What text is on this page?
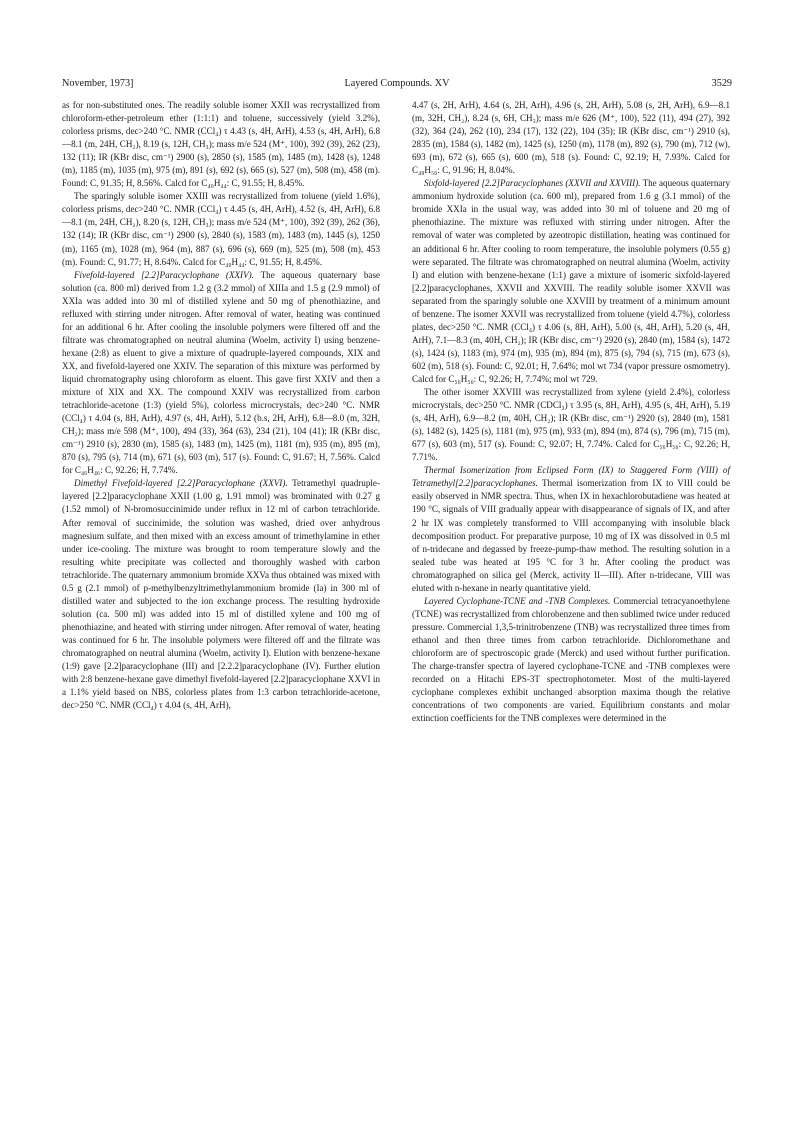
November, 1973]	Layered Compounds. XV	3529

as for non-substituted ones. The readily soluble isomer XXII was recrystallized from chloroform-ether-petroleum ether (1:1:1) and toluene, successively (yield 3.2%), colorless prisms, dec>240 °C. NMR (CCl₄) τ 4.43 (s, 4H, ArH), 4.53 (s, 4H, ArH), 6.8—8.1 (m, 24H, CH₂), 8.19 (s, 12H, CH₃); mass m/e 524 (M⁺, 100), 392 (39), 262 (23), 132 (11); IR (KBr disc, cm⁻¹) 2900 (s), 2850 (s), 1585 (m), 1485 (m), 1428 (s), 1248 (m), 1185 (m), 1035 (m), 975 (m), 891 (s), 692 (s), 665 (s), 527 (m), 508 (m), 458 (m). Found: C, 91.35; H, 8.56%. Calcd for C₄₀H₄₄: C, 91.55; H, 8.45%.

The sparingly soluble isomer XXIII was recrystallized from toluene (yield 1.6%), colorless prisms, dec>240 °C. NMR (CCl₄) τ 4.45 (s, 4H, ArH), 4.52 (s, 4H, ArH), 6.8—8.1 (m, 24H, CH₂), 8.20 (s, 12H, CH₃); mass m/e 524 (M⁺, 100), 392 (39), 262 (36), 132 (14); IR (KBr disc, cm⁻¹) 2900 (s), 2840 (s), 1583 (m), 1483 (m), 1445 (s), 1250 (m), 1165 (m), 1028 (m), 964 (m), 887 (s), 696 (s), 669 (m), 525 (m), 508 (m), 453 (m). Found: C, 91.77; H, 8.64%. Calcd for C₄₀H₄₄: C, 91.55; H, 8.45%.

Fivefold-layered [2.2]Paracyclophane (XXIV). The aqueous quaternary base solution (ca. 800 ml) derived from 1.2 g (3.2 mmol) of XIIIa and 1.5 g (2.9 mmol) of XXIa was added into 30 ml of distilled xylene and 50 mg of phenothiazine, and refluxed with stirring under nitrogen. After removal of water, heating was continued for an additional 6 hr. After cooling the insoluble polymers were filtered off and the filtrate was chromatographed on neutral alumina (Woelm, activity I) using benzene-hexane (2:8) as eluent to give a mixture of quadruple-layered compounds, XIX and XX, and fivefold-layered one XXIV. The separation of this mixture was performed by liquid chromatography using chloroform as eluent. This gave first XXIV and then a mixture of XIX and XX. The compound XXIV was recrystallized from carbon tetrachloride-acetone (1:3) (yield 5%), colorless microcrystals, dec>240 °C. NMR (CCl₄) τ 4.04 (s, 8H, ArH), 4.97 (s, 4H, ArH), 5.12 (b.s, 2H, ArH), 6.8—8.0 (m, 32H, CH₂); mass m/e 598 (M⁺, 100), 494 (33), 364 (63), 234 (21), 104 (41); IR (KBr disc, cm⁻¹) 2910 (s), 2830 (m), 1585 (s), 1483 (m), 1425 (m), 1181 (m), 935 (m), 895 (m), 870 (s), 795 (s), 714 (m), 671 (s), 603 (m), 517 (s). Found: C, 91.67; H, 7.56%. Calcd for C₄₆H₄₆: C, 92.26; H, 7.74%.

Dimethyl Fivefold-layered [2.2]Paracyclophane (XXVI). Tetramethyl quadruple-layered [2.2]paracyclophane XXII (1.00 g, 1.91 mmol) was brominated with 0.27 g (1.52 mmol) of N-bromosuccinimide under reflux in 12 ml of carbon tetrachloride. After removal of succinimide, the solution was washed, dried over anhydrous magnesium sulfate, and then mixed with an excess amount of trimethylamine in ether under ice-cooling. The mixture was brought to room temperature slowly and the resulting white precipitate was collected and thoroughly washed with carbon tetrachloride. The quaternary ammonium bromide XXVa thus obtained was mixed with 0.5 g (2.1 mmol) of p-methylbenzyltrimethylammonium bromide (Ia) in 300 ml of distilled water and subjected to the ion exchange process. The resulting hydroxide solution (ca. 500 ml) was added into 15 ml of distilled xylene and 100 mg of phenothiazine, and heated with stirring under nitrogen. After removal of water, heating was continued for 6 hr. The insoluble polymers were filtered off and the filtrate was chromatographed on neutral alumina (Woelm, activity I). Elution with benzene-hexane (1:9) gave [2.2]paracyclophane (III) and [2.2.2]paracyclophane (IV). Further elution with 2:8 benzene-hexane gave dimethyl fivefold-layered [2.2]paracyclophane XXVI in a 1.1% yield based on NBS, colorless plates from 1:3 carbon tetrachloride-acetone, dec>250 °C. NMR (CCl₄) τ 4.04 (s, 4H, ArH),

4.47 (s, 2H, ArH), 4.64 (s, 2H, ArH), 4.96 (s, 2H, ArH), 5.08 (s, 2H, ArH), 6.9—8.1 (m, 32H, CH₂), 8.24 (s, 6H, CH₃); mass m/e 626 (M⁺, 100), 522 (11), 494 (27), 392 (32), 364 (24), 262 (10), 234 (17), 132 (22), 104 (35); IR (KBr disc, cm⁻¹) 2910 (s), 2835 (m), 1584 (s), 1482 (m), 1425 (s), 1250 (m), 1178 (m), 892 (s), 790 (m), 712 (w), 693 (m), 672 (s), 665 (s), 600 (m), 518 (s). Found: C, 92.19; H, 7.93%. Calcd for C₄₈H₅₀: C, 91.96; H, 8.04%.

Sixfold-layered [2.2]Paracyclophanes (XXVII and XXVIII). The aqueous quaternary ammonium hydroxide solution (ca. 600 ml), prepared from 1.6 g (3.1 mmol) of the bromide XXIa in the usual way, was added into 30 ml of toluene and 20 mg of phenothiazine. The mixture was refluxed with stirring under nitrogen. After the removal of water was completed by azeotropic distillation, heating was continued for an additional 6 hr. After cooling to room temperature, the insoluble polymers (0.55 g) were separated. The filtrate was chromatographed on neutral alumina (Woelm, activity I) and elution with benzene-hexane (1:1) gave a mixture of isomeric sixfold-layered [2.2]paracyclophanes, XXVII and XXVIII. The readily soluble isomer XXVII was separated from the sparingly soluble one XXVIII by treatment of a minimum amount of benzene. The isomer XXVII was recrystallized from toluene (yield 4.7%), colorless plates, dec>250 °C. NMR (CCl₄) τ 4.06 (s, 8H, ArH), 5.00 (s, 4H, ArH), 5.20 (s, 4H, ArH), 7.1—8.3 (m, 40H, CH₂); IR (KBr disc, cm⁻¹) 2920 (s), 2840 (m), 1584 (s), 1472 (s), 1424 (s), 1183 (m), 974 (m), 935 (m), 894 (m), 875 (s), 794 (s), 715 (m), 673 (s), 602 (m), 518 (s). Found: C, 92.01; H, 7.64%; mol wt 734 (vapor pressure osmometry). Calcd for C₅₆H₅₆: C, 92.26; H, 7.74%; mol wt 729.

The other isomer XXVIII was recrystallized from xylene (yield 2.4%), colorless microcrystals, dec>250 °C. NMR (CDCl₃) τ 3.95 (s, 8H, ArH), 4.95 (s, 4H, ArH), 5.19 (s, 4H, ArH), 6.9—8.2 (m, 40H, CH₂); IR (KBr disc, cm⁻¹) 2920 (s), 2840 (m), 1581 (s), 1482 (s), 1425 (s), 1181 (m), 975 (m), 933 (m), 894 (m), 874 (s), 796 (m), 715 (m), 677 (s), 603 (m), 517 (s). Found: C, 92.07; H, 7.74%. Calcd for C₅₆H₅₆: C, 92.26; H, 7.71%.

Thermal Isomerization from Eclipsed Form (IX) to Staggered Form (VIII) of Tetramethyl[2.2]paracyclophanes. Thermal isomerization from IX to VIII could be easily observed in NMR spectra. Thus, when IX in hexachlorobutadiene was heated at 190 °C, signals of VIII gradually appear with disappearance of signals of IX, and after 2 hr IX was completely transformed to VIII accompanying with insoluble black decomposition product. For preparative purpose, 10 mg of IX was dissolved in 0.5 ml of n-tridecane and degassed by freeze-pump-thaw method. The resulting solution in a sealed tube was heated at 195 °C for 3 hr. After cooling the product was chromatographed on silica gel (Merck, activity II—III). After n-tridecane, VIII was eluted with n-hexane in nearly quantitative yield.

Layered Cyclophane-TCNE and -TNB Complexes. Commercial tetracyanoethylene (TCNE) was recrystallized from chlorobenzene and then sublimed twice under reduced pressure. Commercial 1,3,5-trinitrobenzene (TNB) was recrystallized three times from ethanol and then three times from carbon tetrachloride. Dichloromethane and chloroform are of spectroscopic grade (Merck) and used without further purification. The charge-transfer spectra of layered cyclophane-TCNE and -TNB complexes were recorded on a Hitachi EPS-3T spectrophotometer. Most of the multi-layered cyclophane complexes exhibit unchanged absorption maxima though the relative concentrations of two components are varied. Equilibrium constants and molar extinction coefficients for the TNB complexes were determined in the
